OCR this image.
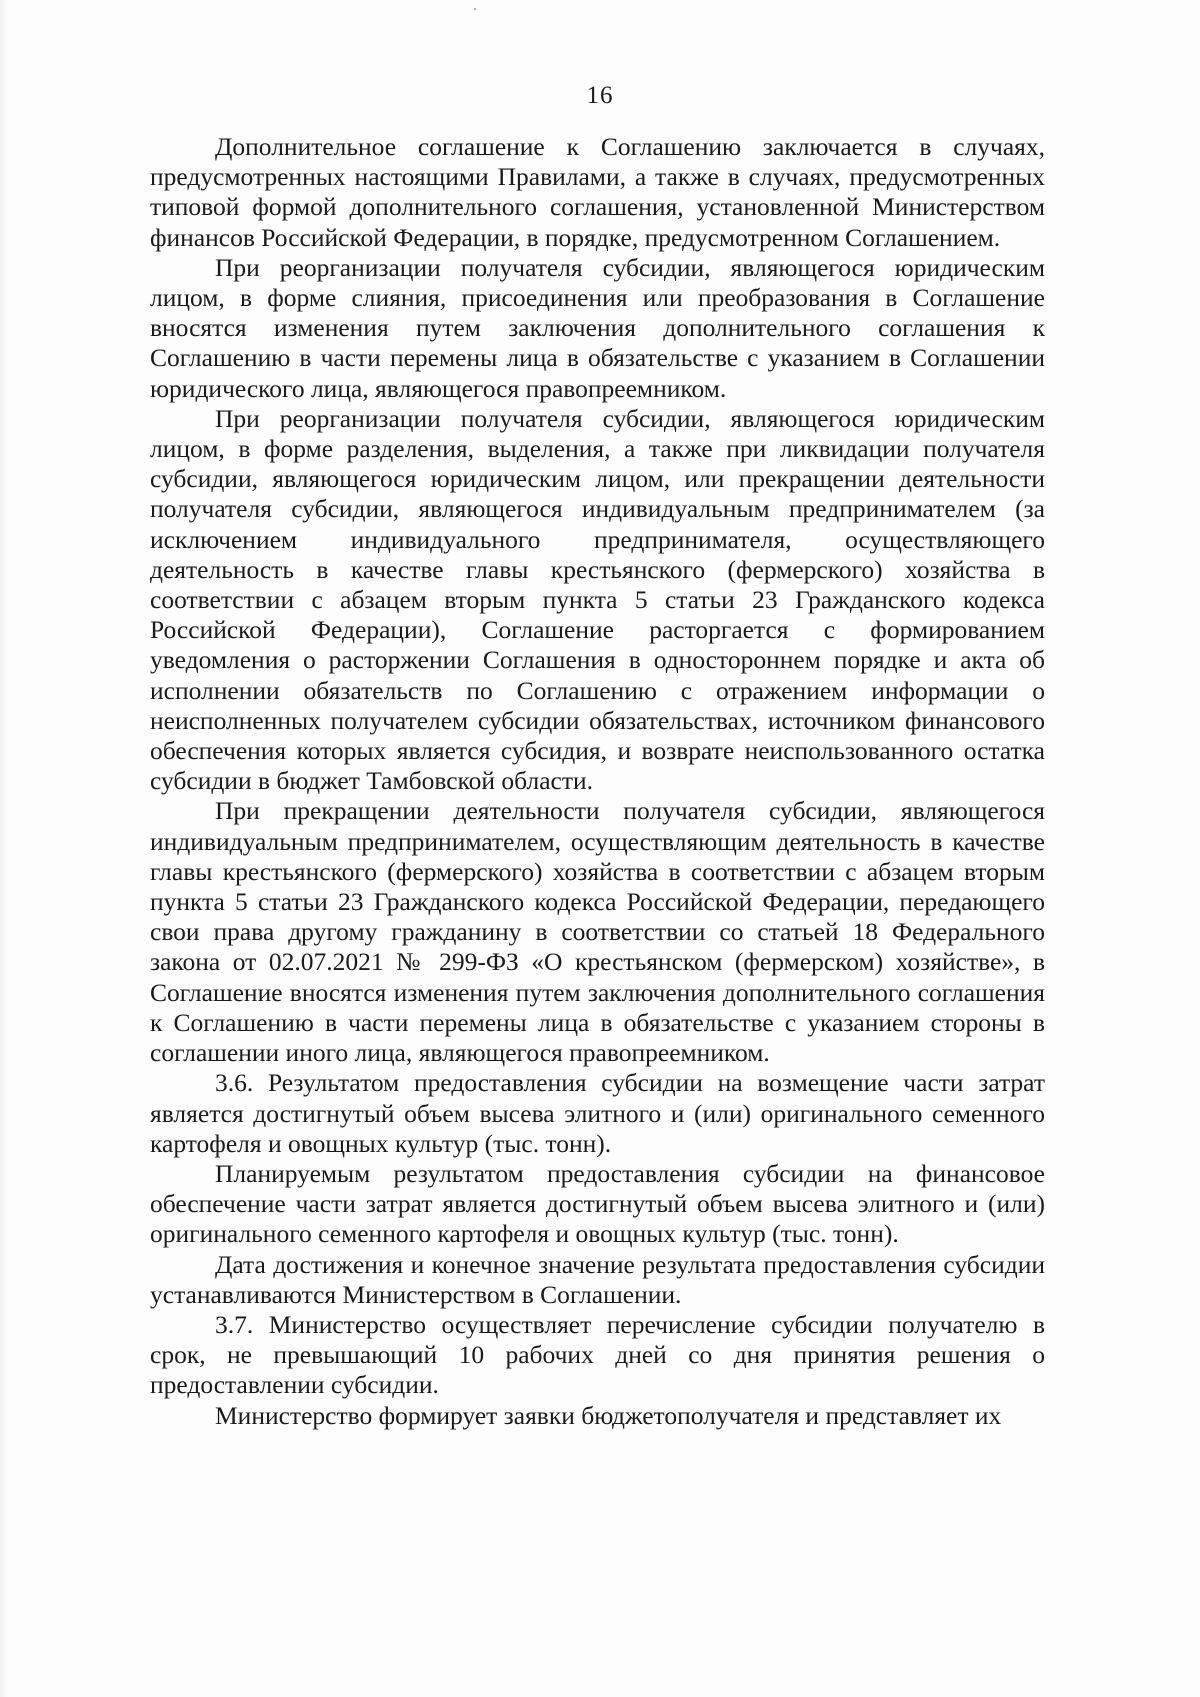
16

Дополнительное соглашение к Соглашению заключается в случаях, предусмотренных настоящими Правилами, а также в случаях, предусмотренных типовой формой дополнительного соглашения, установленной Министерством финансов Российской Федерации, в порядке, предусмотренном Соглашением.

При реорганизации получателя субсидии, являющегося юридическим лицом, в форме слияния, присоединения или преобразования в Соглашение вносятся изменения путем заключения дополнительного соглашения к Соглашению в части перемены лица в обязательстве с указанием в Соглашении юридического лица, являющегося правопреемником.

При реорганизации получателя субсидии, являющегося юридическим лицом, в форме разделения, выделения, а также при ликвидации получателя субсидии, являющегося юридическим лицом, или прекращении деятельности получателя субсидии, являющегося индивидуальным предпринимателем (за исключением индивидуального предпринимателя, осуществляющего деятельность в качестве главы крестьянского (фермерского) хозяйства в соответствии с абзацем вторым пункта 5 статьи 23 Гражданского кодекса Российской Федерации), Соглашение расторгается с формированием уведомления о расторжении Соглашения в одностороннем порядке и акта об исполнении обязательств по Соглашению с отражением информации о неисполненных получателем субсидии обязательствах, источником финансового обеспечения которых является субсидия, и возврате неиспользованного остатка субсидии в бюджет Тамбовской области.

При прекращении деятельности получателя субсидии, являющегося индивидуальным предпринимателем, осуществляющим деятельность в качестве главы крестьянского (фермерского) хозяйства в соответствии с абзацем вторым пункта 5 статьи 23 Гражданского кодекса Российской Федерации, передающего свои права другому гражданину в соответствии со статьей 18 Федерального закона от 02.07.2021 № 299-ФЗ «О крестьянском (фермерском) хозяйстве», в Соглашение вносятся изменения путем заключения дополнительного соглашения к Соглашению в части перемены лица в обязательстве с указанием стороны в соглашении иного лица, являющегося правопреемником.

3.6. Результатом предоставления субсидии на возмещение части затрат является достигнутый объем высева элитного и (или) оригинального семенного картофеля и овощных культур (тыс. тонн).

Планируемым результатом предоставления субсидии на финансовое обеспечение части затрат является достигнутый объем высева элитного и (или) оригинального семенного картофеля и овощных культур (тыс. тонн).

Дата достижения и конечное значение результата предоставления субсидии устанавливаются Министерством в Соглашении.

3.7. Министерство осуществляет перечисление субсидии получателю в срок, не превышающий 10 рабочих дней со дня принятия решения о предоставлении субсидии.

Министерство формирует заявки бюджетополучателя и представляет их
